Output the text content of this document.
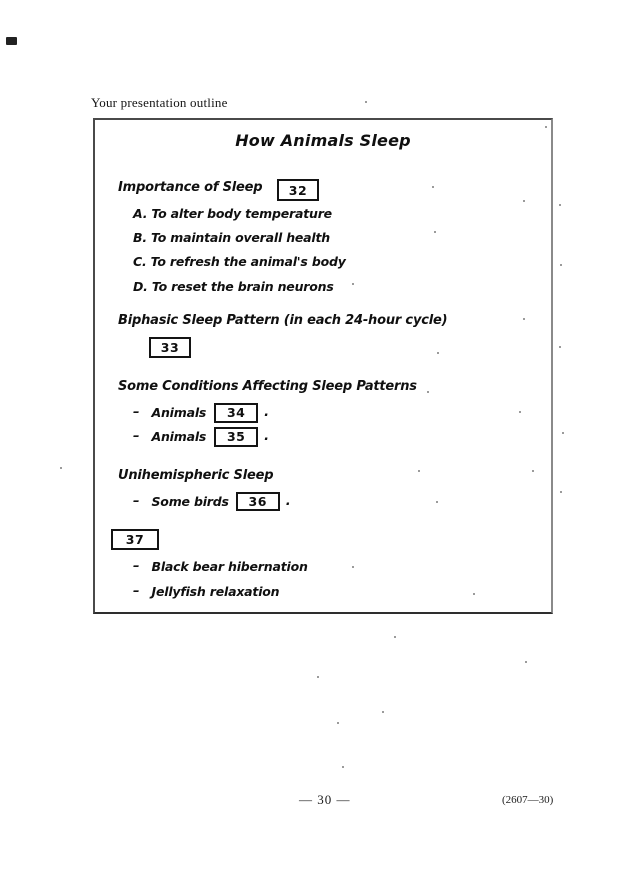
Your presentation outline
How Animals Sleep
Importance of Sleep 32
A. To alter body temperature
B. To maintain overall health
C. To refresh the animal's body
D. To reset the brain neurons
Biphasic Sleep Pattern (in each 24-hour cycle)
33
Some Conditions Affecting Sleep Patterns
– Animals 34 .
– Animals 35 .
Unihemispheric Sleep
– Some birds 36 .
37
– Black bear hibernation
– Jellyfish relaxation
— 30 —	(2607—30)
